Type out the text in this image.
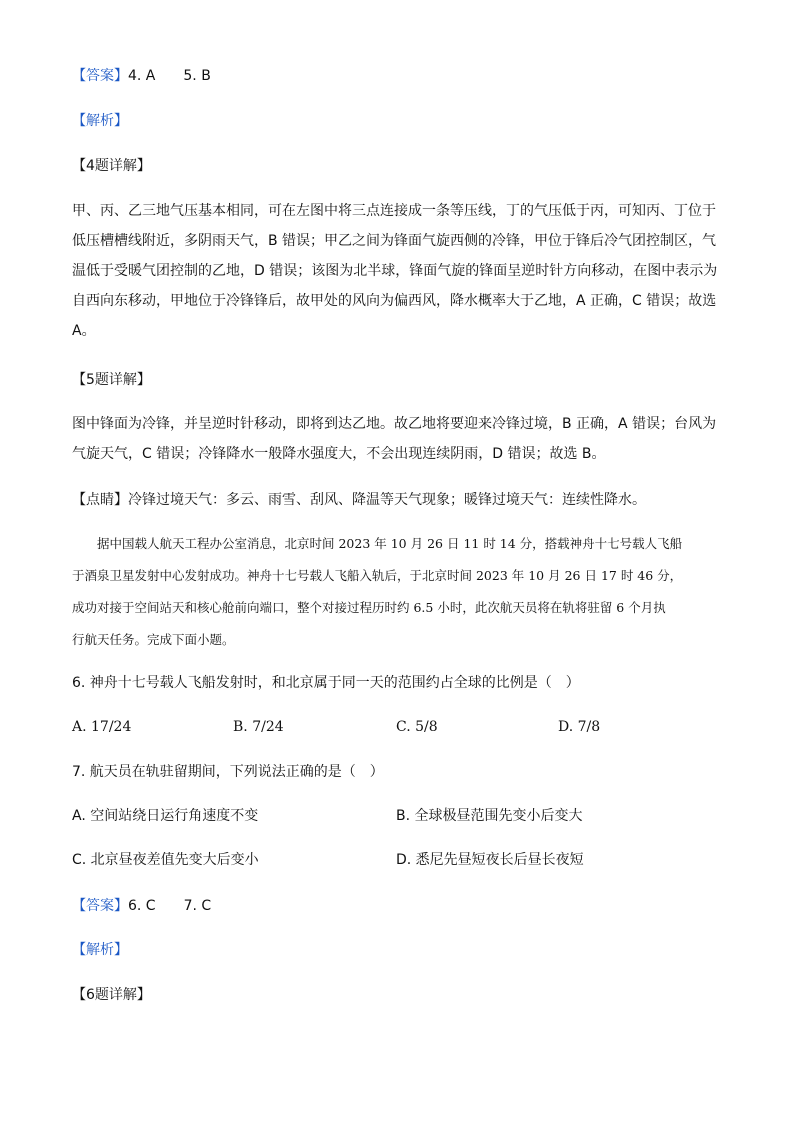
【答案】4. A 5. B
【解析】
【4题详解】
甲、丙、乙三地气压基本相同，可在左图中将三点连接成一条等压线，丁的气压低于丙，可知丙、丁位于
低压槽槽线附近，多阴雨天气，B 错误；甲乙之间为锋面气旋西侧的冷锋，甲位于锋后冷气团控制区，气
温低于受暖气团控制的乙地，D 错误；该图为北半球，锋面气旋的锋面呈逆时针方向移动，在图中表示为
自西向东移动，甲地位于冷锋锋后，故甲处的风向为偏西风，降水概率大于乙地，A 正确，C 错误；故选
A。
【5题详解】
图中锋面为冷锋，并呈逆时针移动，即将到达乙地。故乙地将要迎来冷锋过境，B 正确，A 错误；台风为
气旋天气，C 错误；冷锋降水一般降水强度大，不会出现连续阴雨，D 错误；故选 B。
【点睛】冷锋过境天气：多云、雨雪、刮风、降温等天气现象；暖锋过境天气：连续性降水。
　　据中国载人航天工程办公室消息，北京时间 2023 年 10 月 26 日 11 时 14 分，搭载神舟十七号载人飞船
于酒泉卫星发射中心发射成功。神舟十七号载人飞船入轨后，于北京时间 2023 年 10 月 26 日 17 时 46 分，
成功对接于空间站天和核心舱前向端口，整个对接过程历时约 6.5 小时，此次航天员将在轨将驻留 6 个月执
行航天任务。完成下面小题。
6. 神舟十七号载人飞船发射时，和北京属于同一天的范围约占全球的比例是（　）
A. 17/24	B. 7/24	C. 5/8	D. 7/8
7. 航天员在轨驻留期间，下列说法正确的是（　）
A. 空间站绕日运行角速度不变	B. 全球极昼范围先变小后变大
C. 北京昼夜差值先变大后变小	D. 悉尼先昼短夜长后昼长夜短
【答案】6. C 7. C
【解析】
【6题详解】
